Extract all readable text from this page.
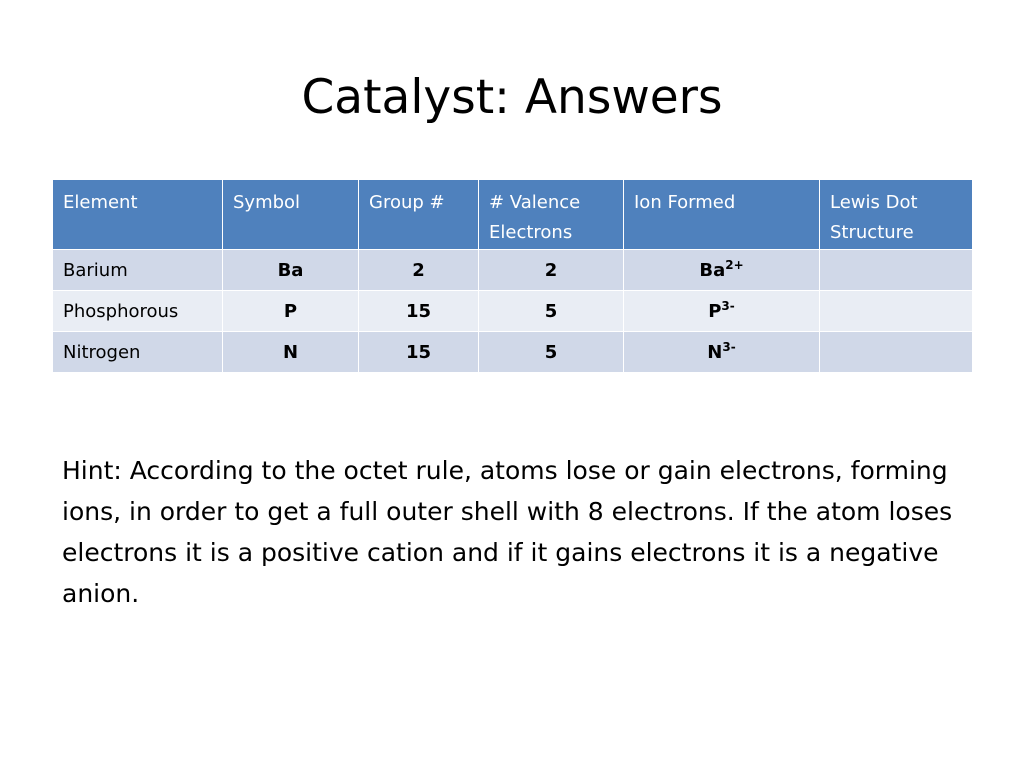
Catalyst: Answers
Element	Symbol	Group #	# Valence Electrons	Ion Formed	Lewis Dot Structure
Barium	Ba	2	2	$Ba^{2+}$	
Phosphorous	P	15	5	$P^{3-}$	
Nitrogen	N	15	5	$N^{3-}$	

Hint: According to the octet rule, atoms lose or gain electrons, forming ions, in order to get a full outer shell with 8 electrons. If the atom loses electrons it is a positive cation and if it gains electrons it is a negative anion.
